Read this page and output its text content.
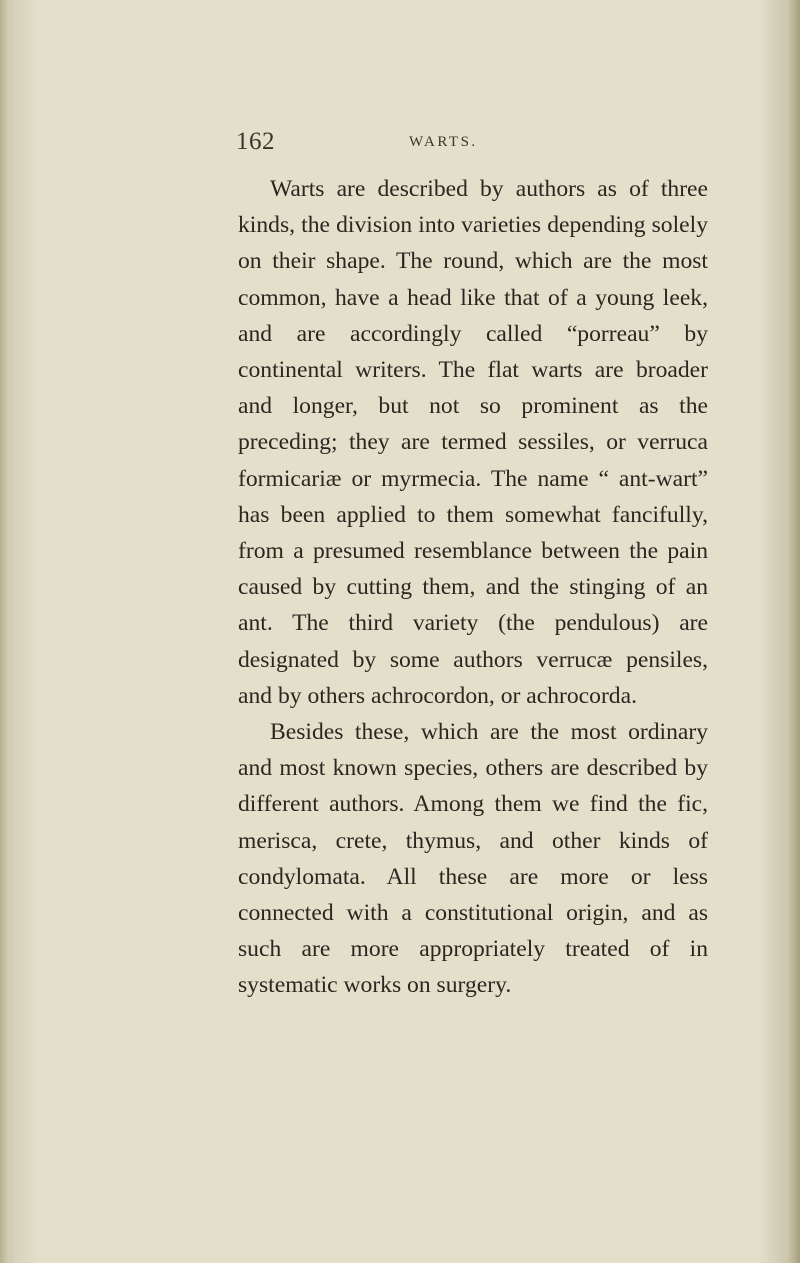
162	WARTS.

Warts are described by authors as of three kinds, the division into varieties depending solely on their shape. The round, which are the most common, have a head like that of a young leek, and are accordingly called “porreau” by continental writers. The flat warts are broader and longer, but not so prominent as the preceding; they are termed sessiles, or verruca formicariæ or myrmecia. The name “ ant-wart” has been applied to them somewhat fancifully, from a presumed resemblance between the pain caused by cutting them, and the stinging of an ant. The third variety (the pendulous) are designated by some authors verrucæ pensiles, and by others achrocordon, or achrocorda.

Besides these, which are the most ordinary and most known species, others are described by different authors. Among them we find the fic, merisca, crete, thymus, and other kinds of condylomata. All these are more or less connected with a constitutional origin, and as such are more appropriately treated of in systematic works on surgery.
